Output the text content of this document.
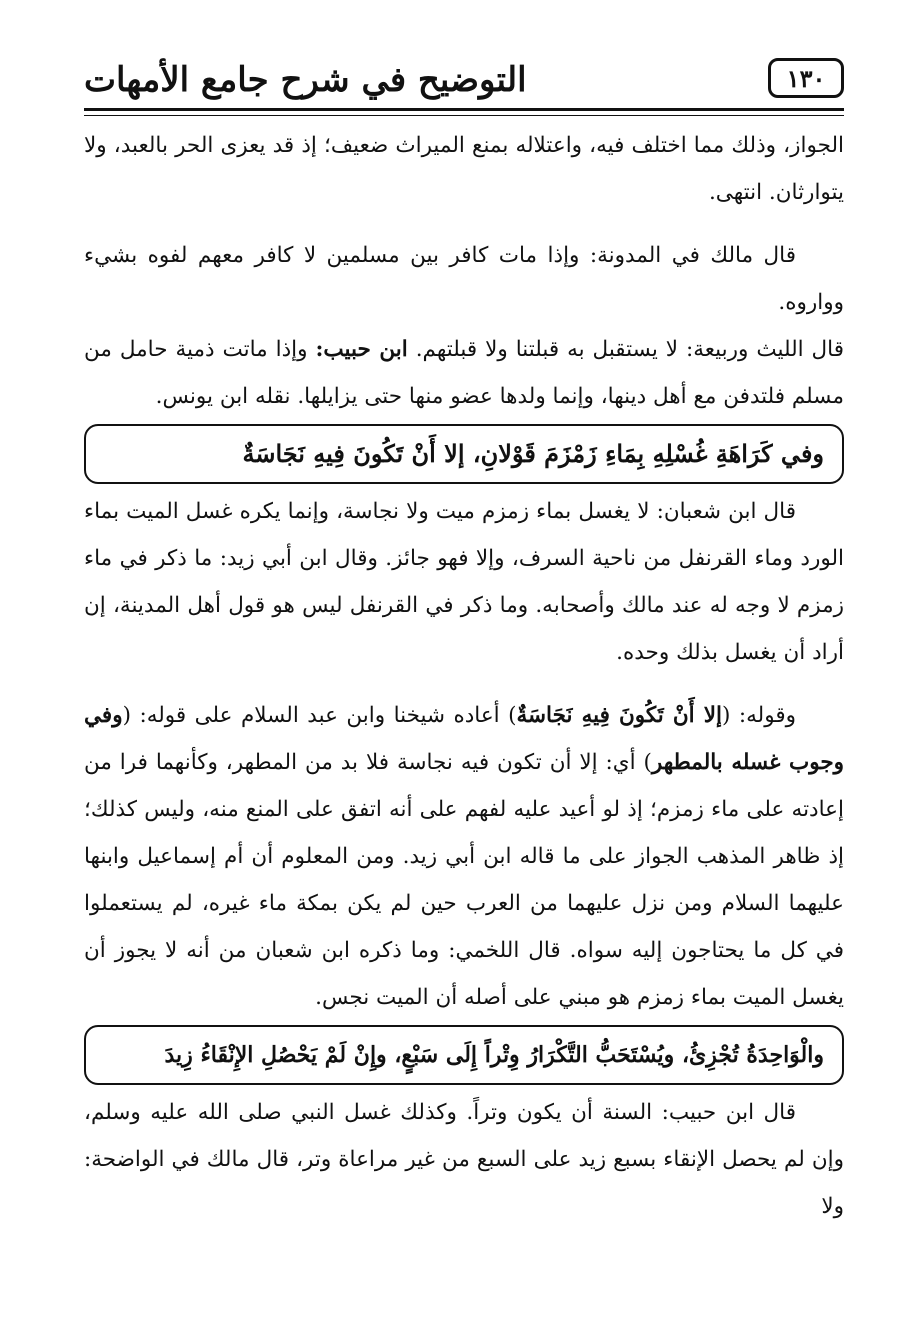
١٣٠
التوضيح في شرح جامع الأمهات

الجواز، وذلك مما اختلف فيه، واعتلاله بمنع الميراث ضعيف؛ إذ قد يعزى الحر بالعبد، ولا يتوارثان. انتهى.

قال مالك في المدونة: وإذا مات كافر بين مسلمين لا كافر معهم لفوه بشيء وواروه.

قال الليث وربيعة: لا يستقبل به قبلتنا ولا قبلتهم. ابن حبيب: وإذا ماتت ذمية حامل من مسلم فلتدفن مع أهل دينها، وإنما ولدها عضو منها حتى يزايلها. نقله ابن يونس.

وفي كَرَاهَةِ غُسْلِهِ بِمَاءِ زَمْزَمَ قَوْلانِ، إلا أَنْ تَكُونَ فِيهِ نَجَاسَةٌ

قال ابن شعبان: لا يغسل بماء زمزم ميت ولا نجاسة، وإنما يكره غسل الميت بماء الورد وماء القرنفل من ناحية السرف، وإلا فهو جائز. وقال ابن أبي زيد: ما ذكر في ماء زمزم لا وجه له عند مالك وأصحابه. وما ذكر في القرنفل ليس هو قول أهل المدينة، إن أراد أن يغسل بذلك وحده.

وقوله: (إلا أَنْ تَكُونَ فِيهِ نَجَاسَةٌ) أعاده شيخنا وابن عبد السلام على قوله: (وفي وجوب غسله بالمطهر) أي: إلا أن تكون فيه نجاسة فلا بد من المطهر، وكأنهما فرا من إعادته على ماء زمزم؛ إذ لو أعيد عليه لفهم على أنه اتفق على المنع منه، وليس كذلك؛ إذ ظاهر المذهب الجواز على ما قاله ابن أبي زيد. ومن المعلوم أن أم إسماعيل وابنها عليهما السلام ومن نزل عليهما من العرب حين لم يكن بمكة ماء غيره، لم يستعملوا في كل ما يحتاجون إليه سواه. قال اللخمي: وما ذكره ابن شعبان من أنه لا يجوز أن يغسل الميت بماء زمزم هو مبني على أصله أن الميت نجس.

والْوَاحِدَةُ تُجْزِئُ، ويُسْتَحَبُّ التَّكْرَارُ وِتْراً إِلَى سَبْعٍ، وإِنْ لَمْ يَحْصُلِ الإِنْقَاءُ زِيدَ

قال ابن حبيب: السنة أن يكون وتراً. وكذلك غسل النبي صلى الله عليه وسلم، وإن لم يحصل الإنقاء بسبع زيد على السبع من غير مراعاة وتر، قال مالك في الواضحة: ولا
